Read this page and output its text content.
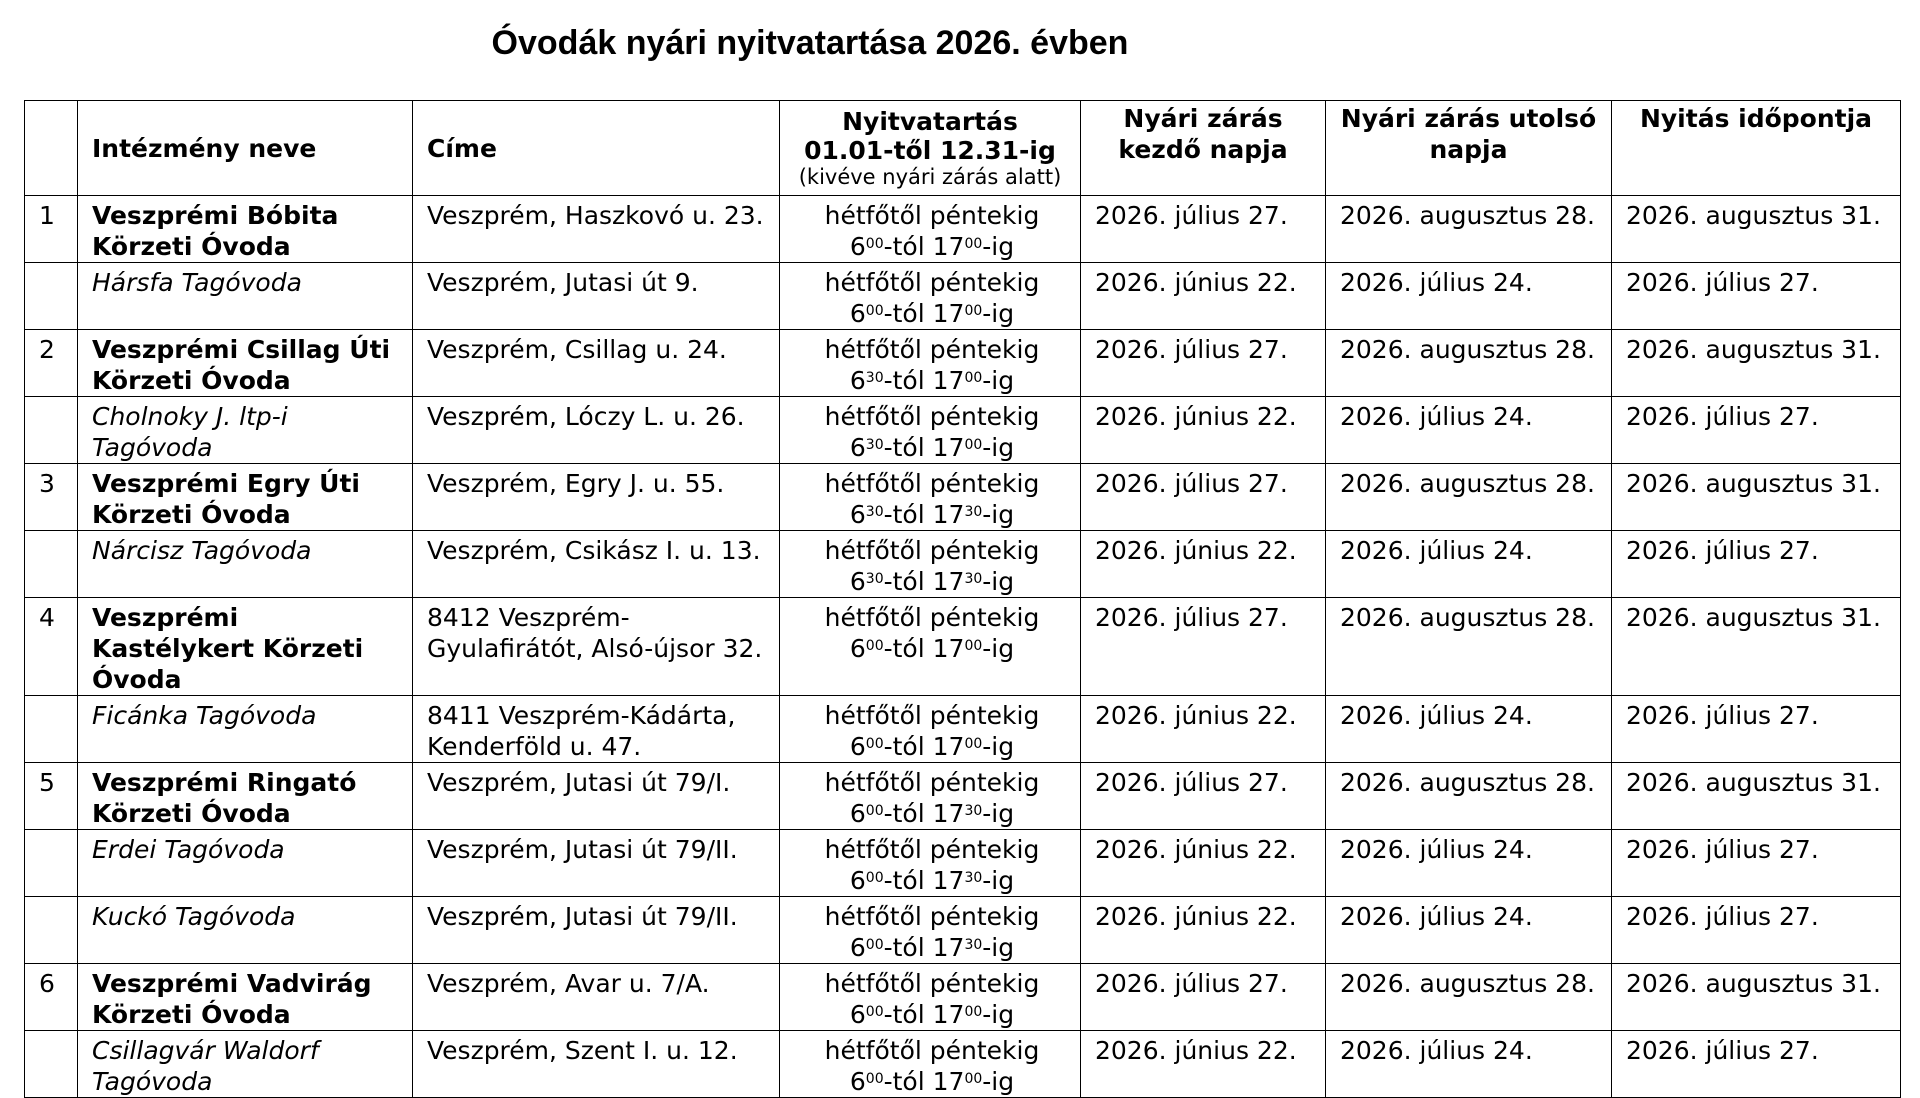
Óvodák nyári nyitvatartása 2026. évben
	Intézmény neve	Címe	Nyitvatartás
01.01-től 12.31-ig
(kivéve nyári zárás alatt)	Nyári zárás kezdő napja	Nyári zárás utolsó napja	Nyitás időpontja
1	Veszprémi Bóbita Körzeti Óvoda	Veszprém, Haszkovó u. 23.	hétfőtől péntekig
$6^{00}$-tól $17^{00}-ig$	2026. július 27.	2026. augusztus 28.	2026. augusztus 31.
	Hársfa Tagóvoda	Veszprém, Jutasi út 9.	hétfőtől péntekig
$6^{00}$-tól $17^{00}-ig$	2026. június 22.	2026. július 24.	2026. július 27.
2	Veszprémi Csillag Úti Körzeti Óvoda	Veszprém, Csillag u. 24.	hétfőtől péntekig
$6^{30}$-tól $17^{00}-ig$	2026. július 27.	2026. augusztus 28.	2026. augusztus 31.
	Cholnoky J. ltp-i Tagóvoda	Veszprém, Lóczy L. u. 26.	hétfőtől péntekig
$6^{30}$-tól $17^{00}-ig$	2026. június 22.	2026. július 24.	2026. július 27.
3	Veszprémi Egry Úti Körzeti Óvoda	Veszprém, Egry J. u. 55.	hétfőtől péntekig
$6^{30}$-tól $17^{30}-ig$	2026. július 27.	2026. augusztus 28.	2026. augusztus 31.
	Nárcisz Tagóvoda	Veszprém, Csikász I. u. 13.	hétfőtől péntekig
$6^{30}$-tól $17^{30}-ig$	2026. június 22.	2026. július 24.	2026. július 27.
4	Veszprémi Kastélykert Körzeti Óvoda	8412 Veszprém-Gyulafirátót, Alsó-újsor 32.	hétfőtől péntekig
$6^{00}$-tól $17^{00}-ig$	2026. július 27.	2026. augusztus 28.	2026. augusztus 31.
	Ficánka Tagóvoda	8411 Veszprém-Kádárta, Kenderföld u. 47.	hétfőtől péntekig
$6^{00}$-tól $17^{00}-ig$	2026. június 22.	2026. július 24.	2026. július 27.
5	Veszprémi Ringató Körzeti Óvoda	Veszprém, Jutasi út 79/I.	hétfőtől péntekig
$6^{00}$-tól $17^{30}-ig$	2026. július 27.	2026. augusztus 28.	2026. augusztus 31.
	Erdei Tagóvoda	Veszprém, Jutasi út 79/II.	hétfőtől péntekig
$6^{00}$-tól $17^{30}-ig$	2026. június 22.	2026. július 24.	2026. július 27.
	Kuckó Tagóvoda	Veszprém, Jutasi út 79/II.	hétfőtől péntekig
$6^{00}$-tól $17^{30}-ig$	2026. június 22.	2026. július 24.	2026. július 27.
6	Veszprémi Vadvirág Körzeti Óvoda	Veszprém, Avar u. 7/A.	hétfőtől péntekig
$6^{00}$-tól $17^{00}-ig$	2026. július 27.	2026. augusztus 28.	2026. augusztus 31.
	Csillagvár Waldorf Tagóvoda	Veszprém, Szent I. u. 12.	hétfőtől péntekig
$6^{00}$-tól $17^{00}-ig$	2026. június 22.	2026. július 24.	2026. július 27.
